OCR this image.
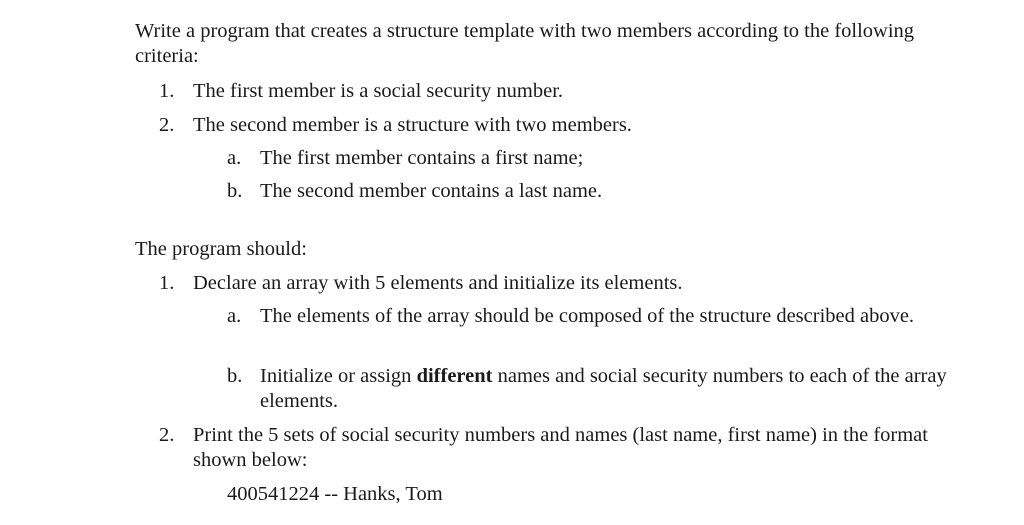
Write a program that creates a structure template with two members according to the following criteria:

1. The first member is a social security number.
2. The second member is a structure with two members.
a. The first member contains a first name;
b. The second member contains a last name.

The program should:

1. Declare an array with 5 elements and initialize its elements.
a. The elements of the array should be composed of the structure described above.
b. Initialize or assign different names and social security numbers to each of the array elements.
2. Print the 5 sets of social security numbers and names (last name, first name) in the format shown below:

400541224 -- Hanks, Tom
